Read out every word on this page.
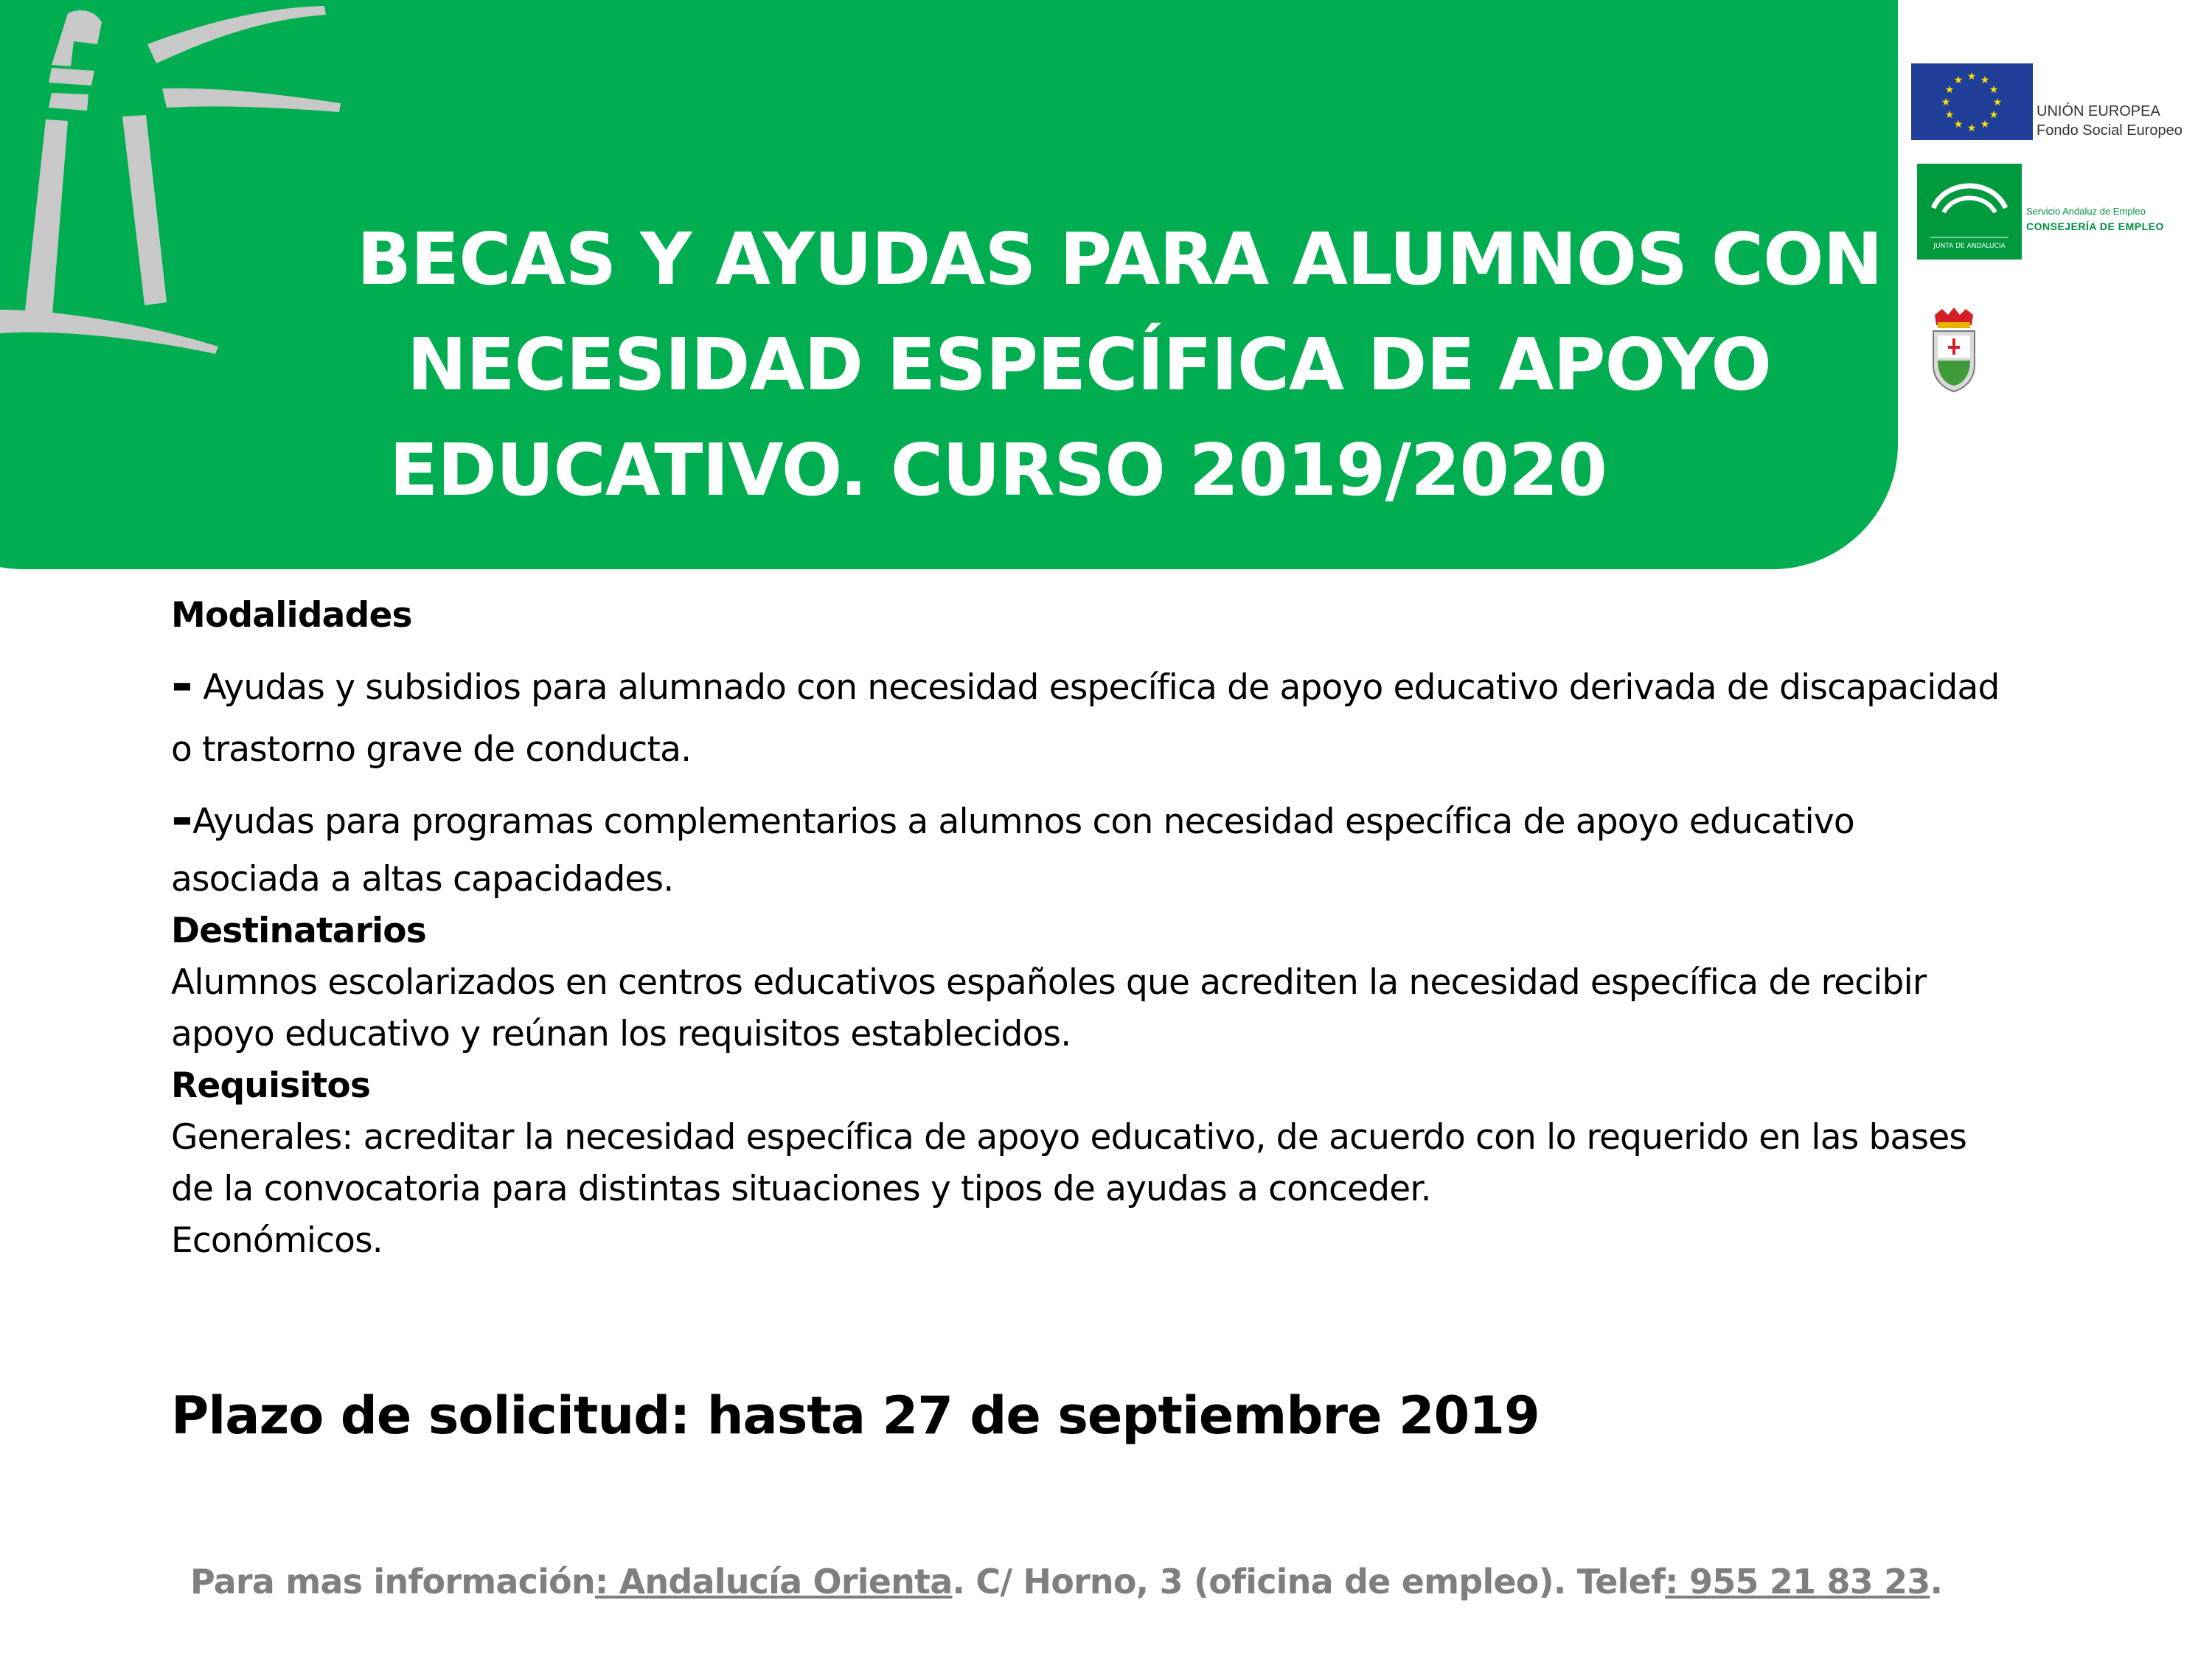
BECAS Y AYUDAS PARA ALUMNOS CON
NECESIDAD ESPECÍFICA DE APOYO
EDUCATIVO. CURSO 2019/2020
★ ★
★
★
★
★
★
★
★
★
★
★
UNIÓN EUROPEA
Fondo Social Europeo
JUNTA DE ANDALUCIA
Servicio Andaluz de Empleo
CONSEJERÍA DE EMPLEO

Modalidades

- Ayudas y subsidios para alumnado con necesidad específica de apoyo educativo derivada de discapacidad

o trastorno grave de conducta.

-Ayudas para programas complementarios a alumnos con necesidad específica de apoyo educativo

asociada a altas capacidades.

Destinatarios

Alumnos escolarizados en centros educativos españoles que acrediten la necesidad específica de recibir

apoyo educativo y reúnan los requisitos establecidos.

Requisitos

Generales: acreditar la necesidad específica de apoyo educativo, de acuerdo con lo requerido en las bases

de la convocatoria para distintas situaciones y tipos de ayudas a conceder.

Económicos.

Plazo de solicitud: hasta 27 de septiembre 2019
Para mas información: Andalucía Orienta. C/ Horno, 3 (oficina de empleo). Telef: 955 21 83 23.
